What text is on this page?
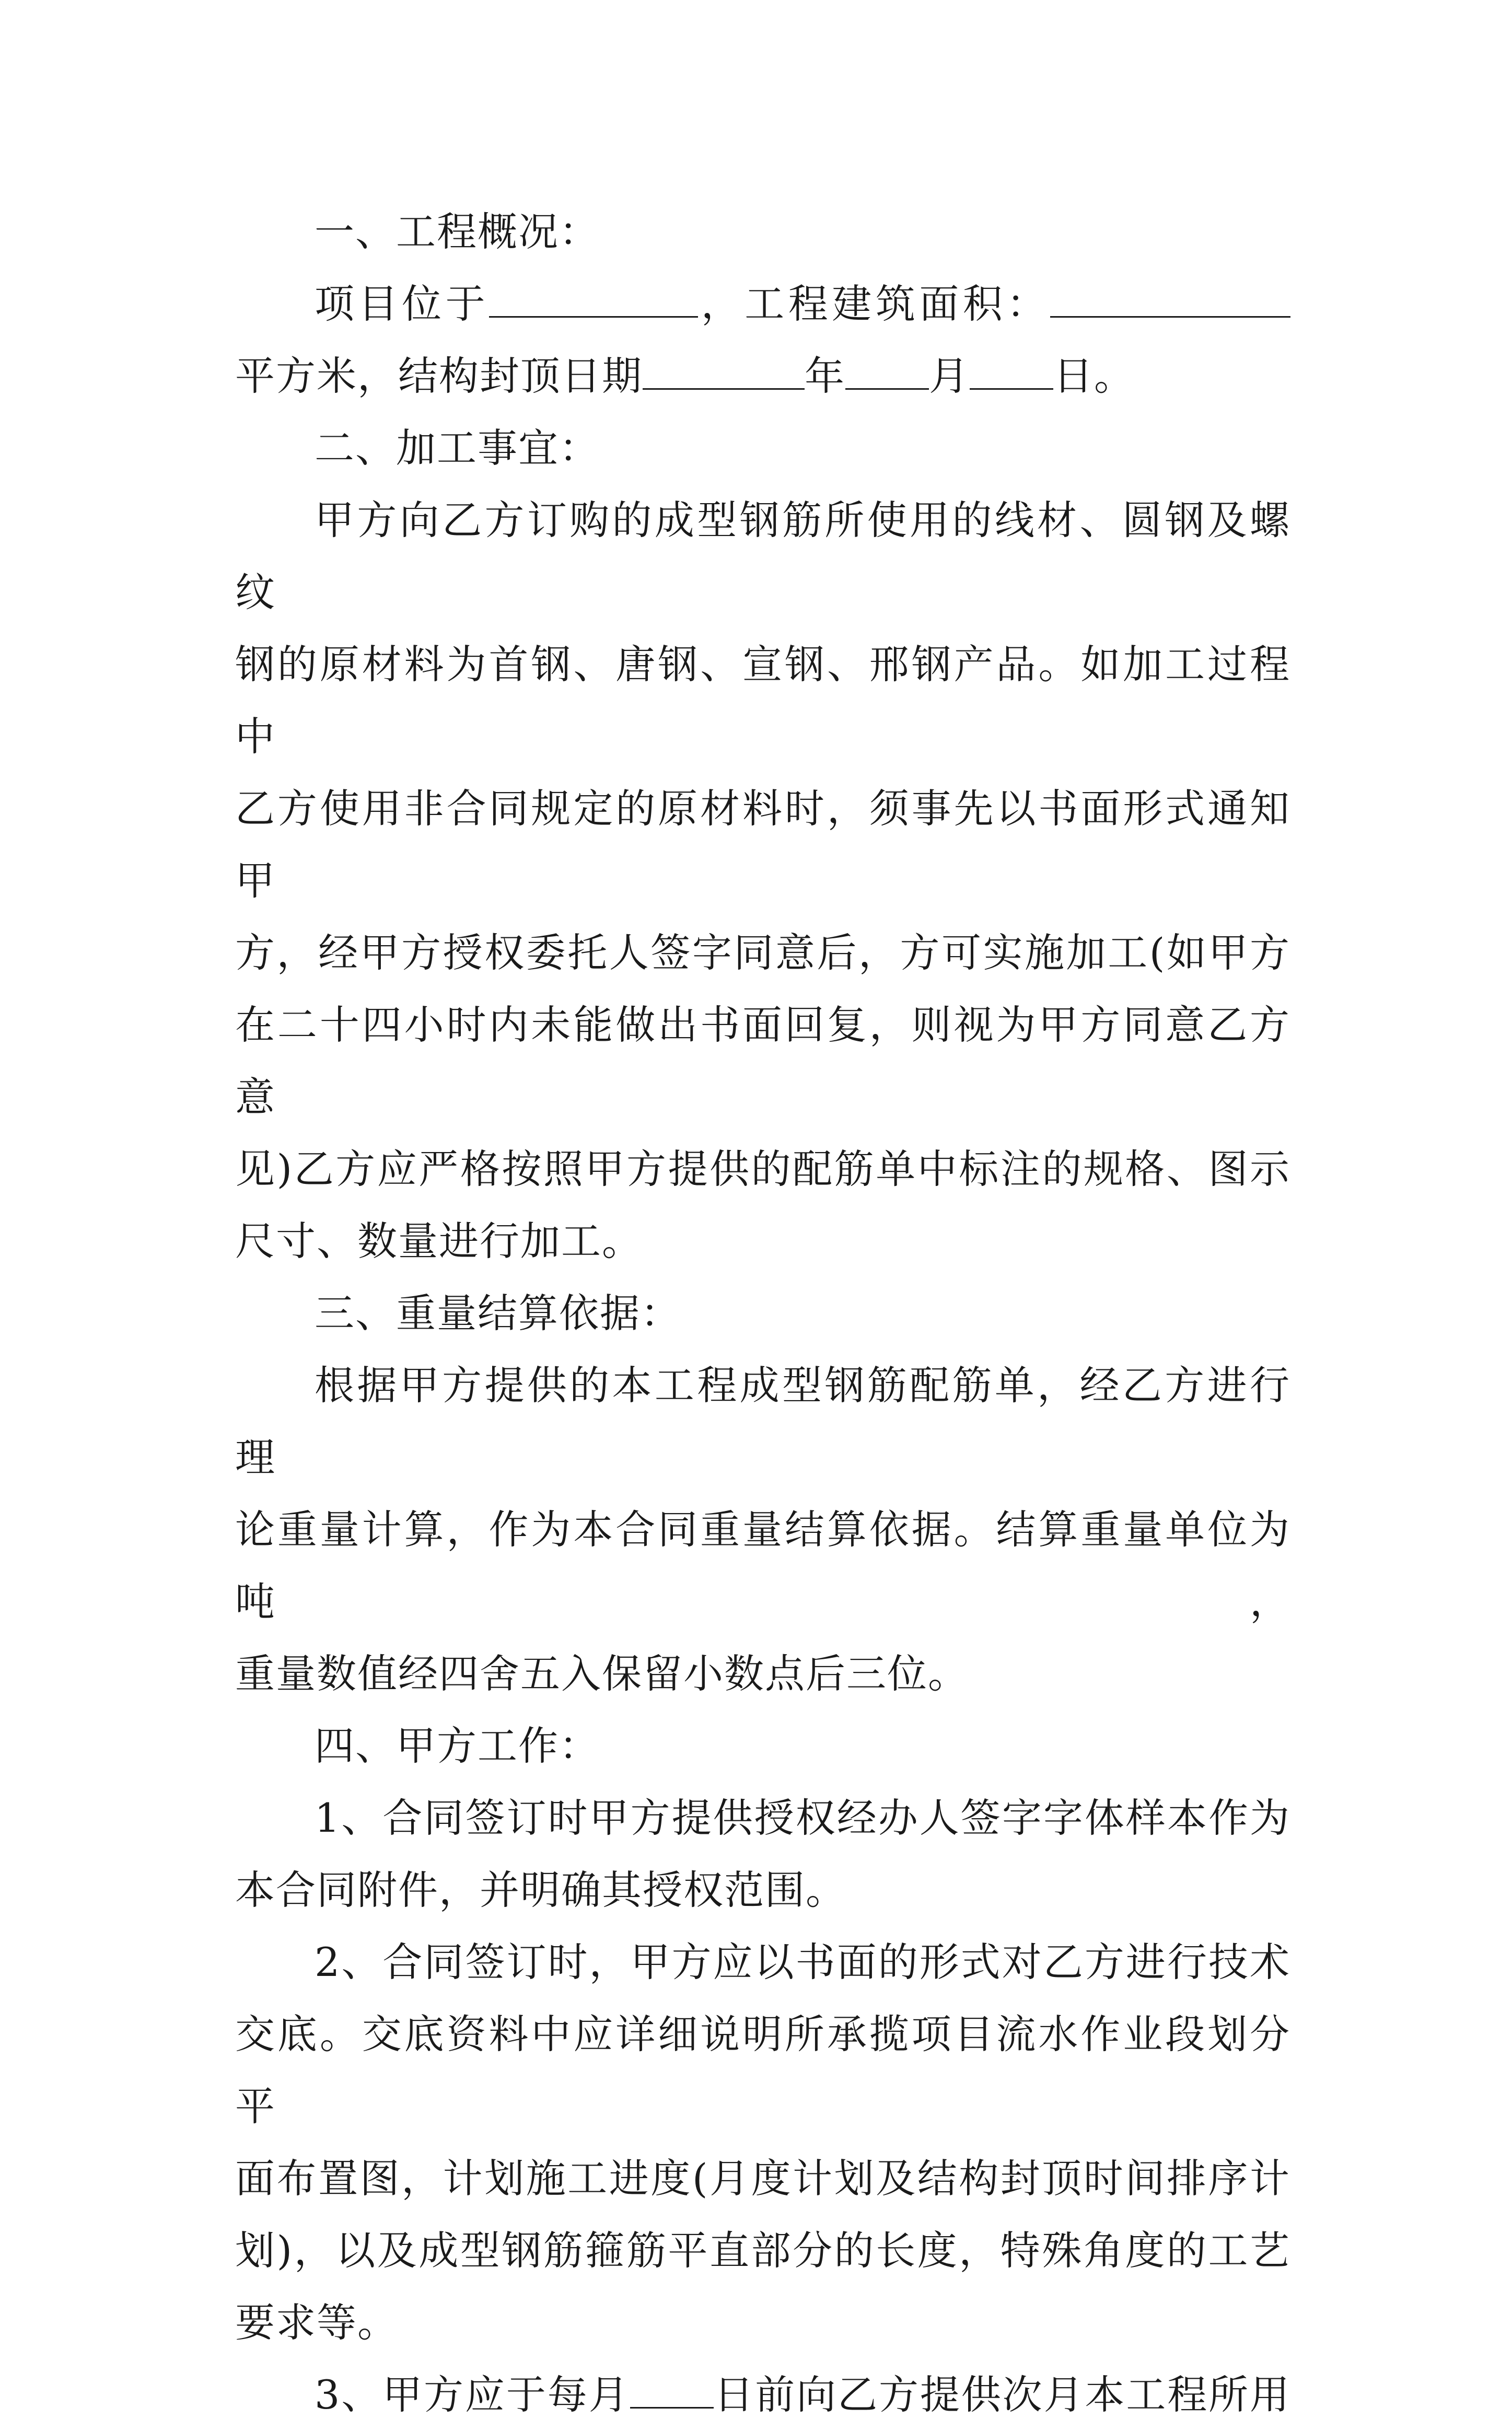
一、工程概况：

项目位于	，工程建筑面积：

平方米，结构封顶日期	年 月 日。

二、加工事宜：

甲方向乙方订购的成型钢筋所使用的线材、圆钢及螺纹

钢的原材料为首钢、唐钢、宣钢、邢钢产品。如加工过程中

乙方使用非合同规定的原材料时，须事先以书面形式通知甲

方，经甲方授权委托人签字同意后，方可实施加工(如甲方

在二十四小时内未能做出书面回复，则视为甲方同意乙方意

见)乙方应严格按照甲方提供的配筋单中标注的规格、图示

尺寸、数量进行加工。

三、重量结算依据：

根据甲方提供的本工程成型钢筋配筋单，经乙方进行理

论重量计算，作为本合同重量结算依据。结算重量单位为吨，

重量数值经四舍五入保留小数点后三位。

四、甲方工作：

1、合同签订时甲方提供授权经办人签字字体样本作为

本合同附件，并明确其授权范围。

2、合同签订时，甲方应以书面的形式对乙方进行技术

交底。交底资料中应详细说明所承揽项目流水作业段划分平

面布置图，计划施工进度(月度计划及结构封顶时间排序计

划)，以及成型钢筋箍筋平直部分的长度，特殊角度的工艺

要求等。

3、甲方应于每月 日前向乙方提供次月本工程所用
